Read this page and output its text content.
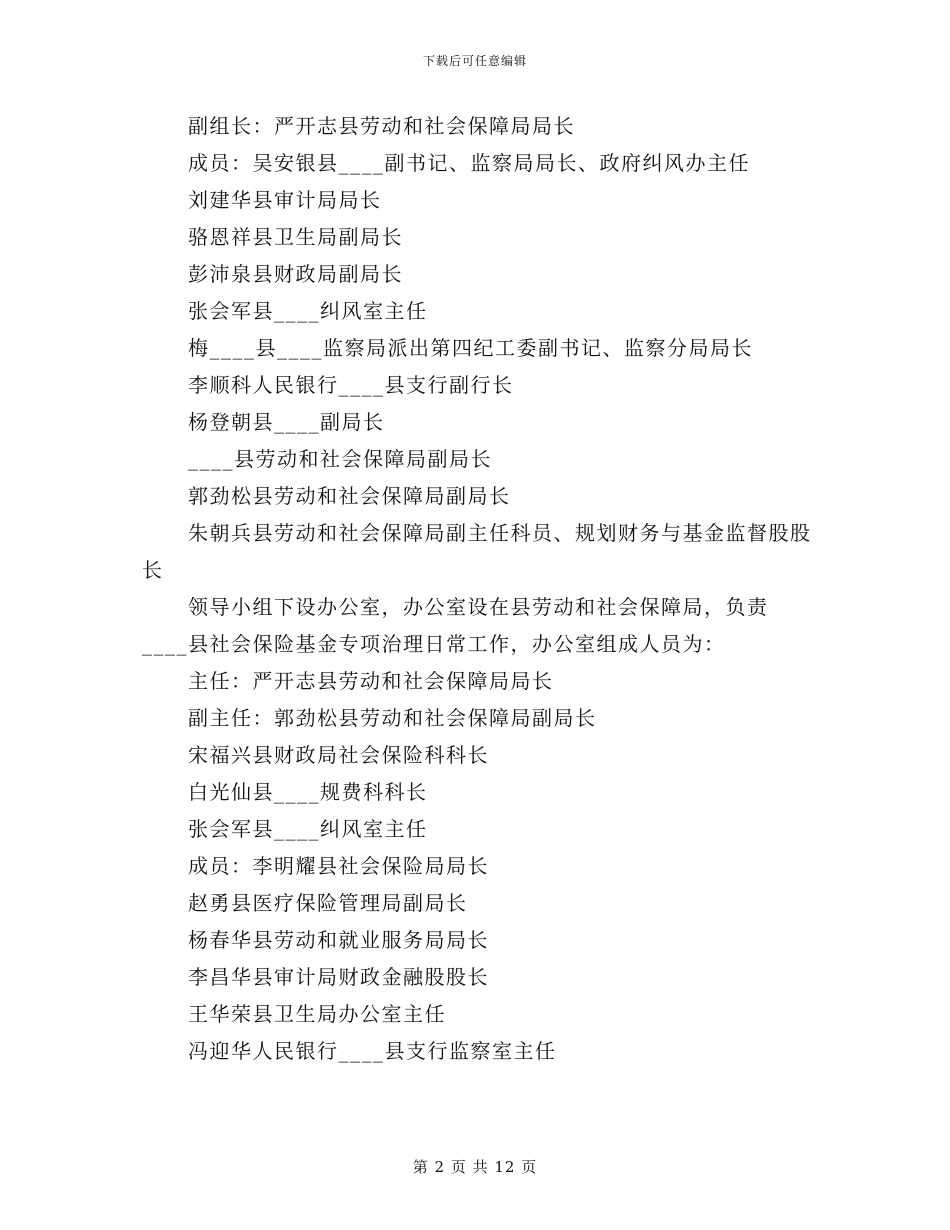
下载后可任意编辑
副组长：严开志县劳动和社会保障局局长
成员：吴安银县____副书记、监察局局长、政府纠风办主任
刘建华县审计局局长
骆恩祥县卫生局副局长
彭沛泉县财政局副局长
张会军县____纠风室主任
梅____县____监察局派出第四纪工委副书记、监察分局局长
李顺科人民银行____县支行副行长
杨登朝县____副局长
____县劳动和社会保障局副局长
郭劲松县劳动和社会保障局副局长
朱朝兵县劳动和社会保障局副主任科员、规划财务与基金监督股股长
领导小组下设办公室，办公室设在县劳动和社会保障局，负责____县社会保险基金专项治理日常工作，办公室组成人员为：
主任：严开志县劳动和社会保障局局长
副主任：郭劲松县劳动和社会保障局副局长
宋福兴县财政局社会保险科科长
白光仙县____规费科科长
张会军县____纠风室主任
成员：李明耀县社会保险局局长
赵勇县医疗保险管理局副局长
杨春华县劳动和就业服务局局长
李昌华县审计局财政金融股股长
王华荣县卫生局办公室主任
冯迎华人民银行____县支行监察室主任
第 2 页 共 12 页
